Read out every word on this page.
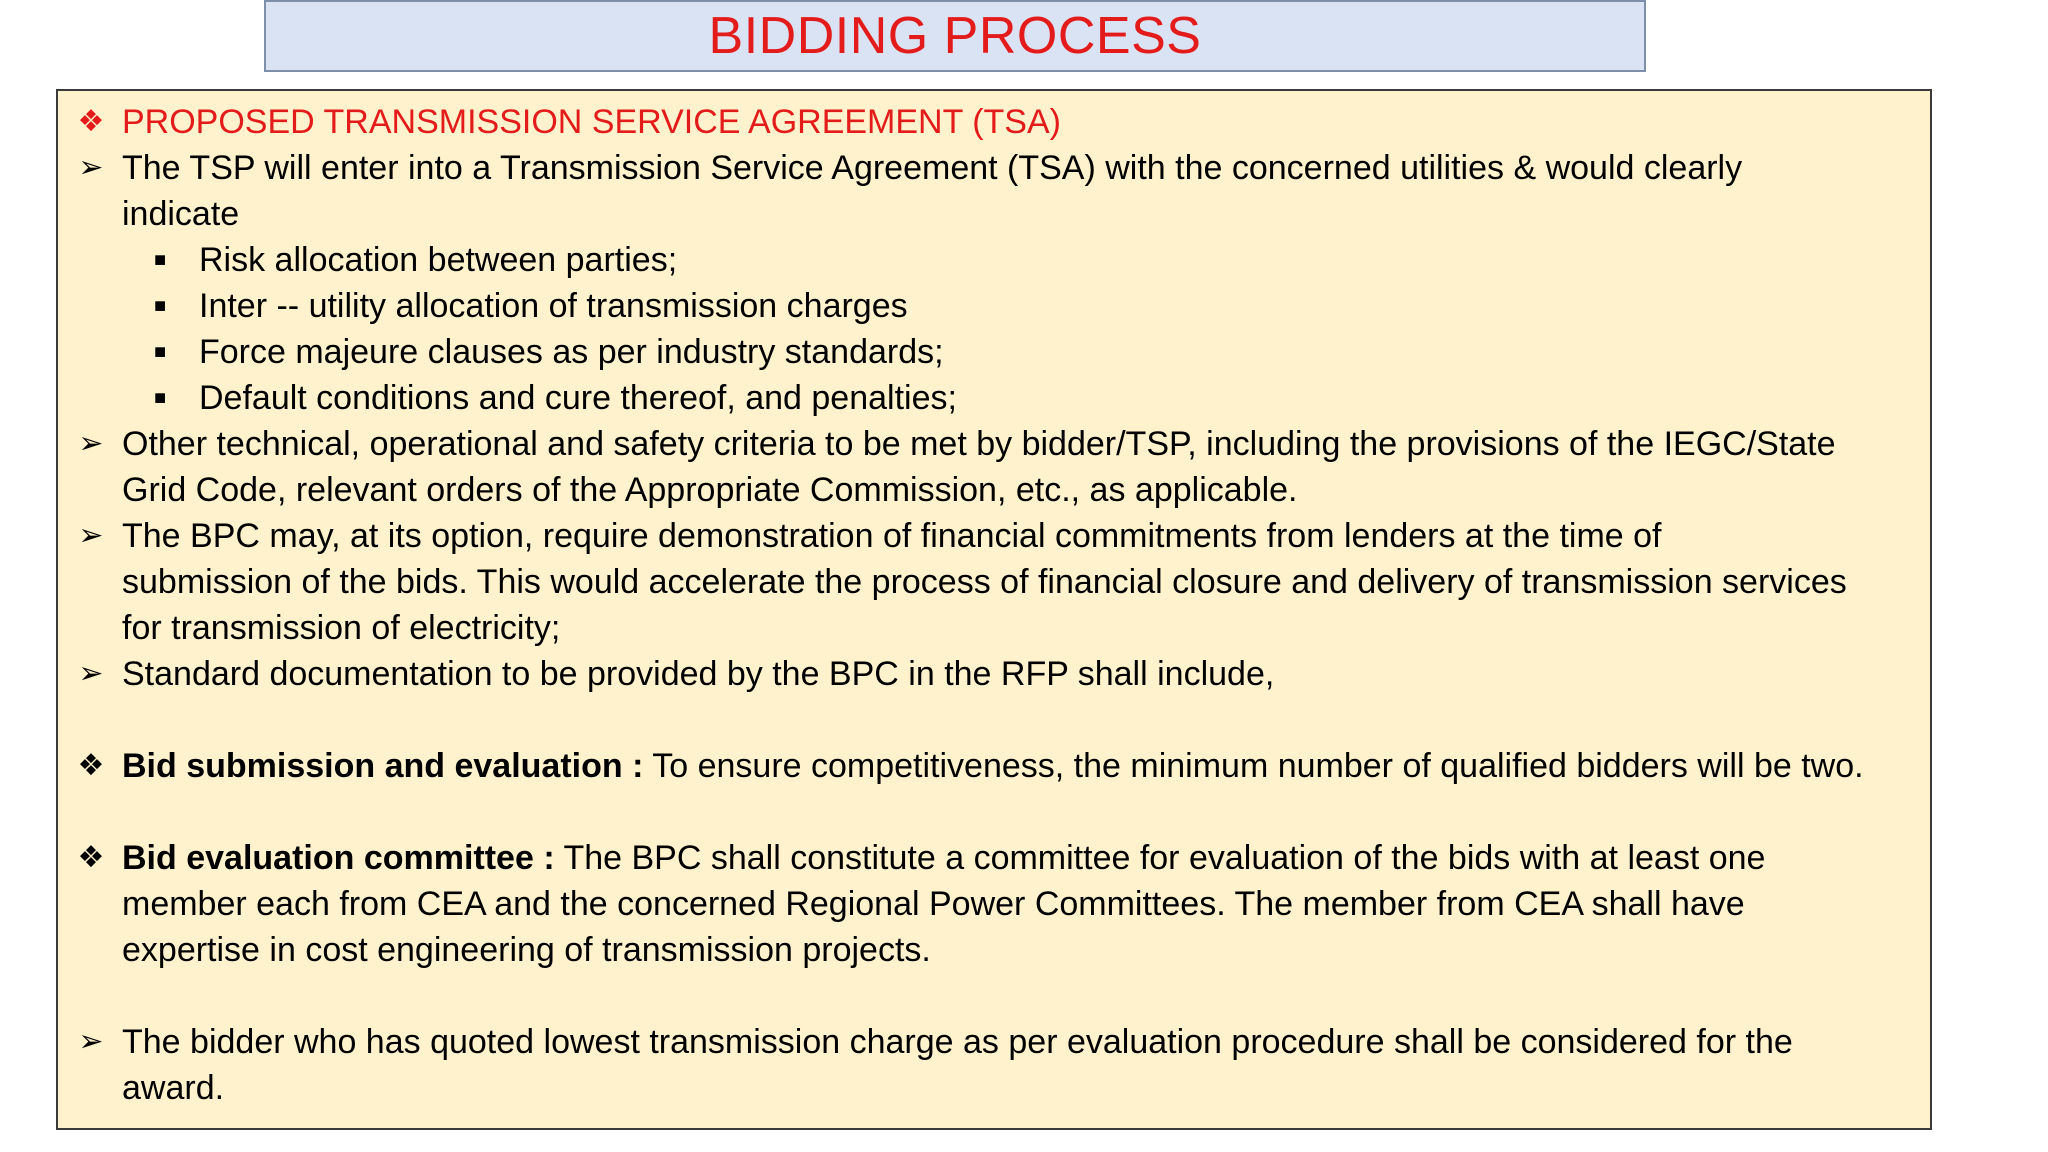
BIDDING PROCESS
❖ PROPOSED TRANSMISSION SERVICE AGREEMENT (TSA)
➢ The TSP will enter into a Transmission Service Agreement (TSA) with the concerned utilities & would clearly
indicate
■ Risk allocation between parties;
■ Inter -- utility allocation of transmission charges
■ Force majeure clauses as per industry standards;
■ Default conditions and cure thereof, and penalties;
➢ Other technical, operational and safety criteria to be met by bidder/TSP, including the provisions of the IEGC/State
Grid Code, relevant orders of the Appropriate Commission, etc., as applicable.
➢ The BPC may, at its option, require demonstration of financial commitments from lenders at the time of
submission of the bids. This would accelerate the process of financial closure and delivery of transmission services
for transmission of electricity;
➢ Standard documentation to be provided by the BPC in the RFP shall include,
❖ Bid submission and evaluation : To ensure competitiveness, the minimum number of qualified bidders will be two.
❖ Bid evaluation committee : The BPC shall constitute a committee for evaluation of the bids with at least one
member each from CEA and the concerned Regional Power Committees. The member from CEA shall have
expertise in cost engineering of transmission projects.
➢ The bidder who has quoted lowest transmission charge as per evaluation procedure shall be considered for the
award.
